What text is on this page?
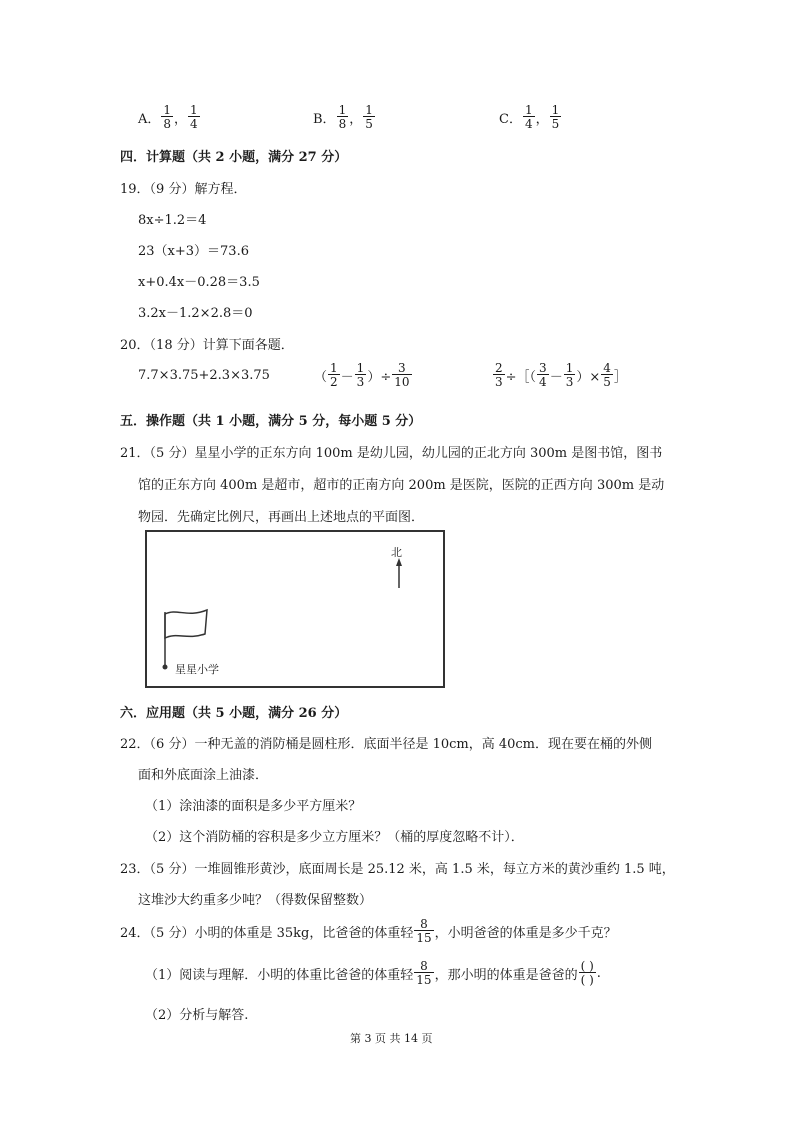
A． $\frac{1}{8}$ ， $\frac{1}{4}$	B． $\frac{1}{8}$ ， $\frac{1}{5}$	C． $\frac{1}{4}$ ， $\frac{1}{5}$
四．计算题（共 2 小题，满分 27 分）
19．（9 分）解方程．
8x÷1.2＝4
23（x+3）＝73.6
x+0.4x－0.28＝3.5
3.2x－1.2×2.8＝0
20．（18 分）计算下面各题．
7.7×3.75+2.3×3.75	（ $\frac{1}{2} - \frac{1}{3}$ ）÷ $\frac{3}{10}$	$\frac{2}{3}$ ÷［（ $\frac{3}{4} - \frac{1}{3}$ ）× $\frac{4}{5}$ ］
五．操作题（共 1 小题，满分 5 分，每小题 5 分）
21．（5 分）星星小学的正东方向 100m 是幼儿园，幼儿园的正北方向 300m 是图书馆，图书
馆的正东方向 400m 是超市，超市的正南方向 200m 是医院，医院的正西方向 300m 是动
物园．先确定比例尺，再画出上述地点的平面图．
北
星星小学
六．应用题（共 5 小题，满分 26 分）
22．（6 分）一种无盖的消防桶是圆柱形．底面半径是 10cm，高 40cm．现在要在桶的外侧
面和外底面涂上油漆．
（1）涂油漆的面积是多少平方厘米？
（2）这个消防桶的容积是多少立方厘米？（桶的厚度忽略不计）．
23．（5 分）一堆圆锥形黄沙，底面周长是 25.12 米，高 1.5 米，每立方米的黄沙重约 1.5 吨，
这堆沙大约重多少吨？（得数保留整数）
24．（5 分）小明的体重是 35kg，比爸爸的体重轻 $\frac{8}{15}$ ，小明爸爸的体重是多少千克？
（1）阅读与理解．小明的体重比爸爸的体重轻 $\frac{8}{15}$ ，那小明的体重是爸爸的 $\frac{( )}{( )}$ .
（2）分析与解答.
第 3 页 共 14 页
